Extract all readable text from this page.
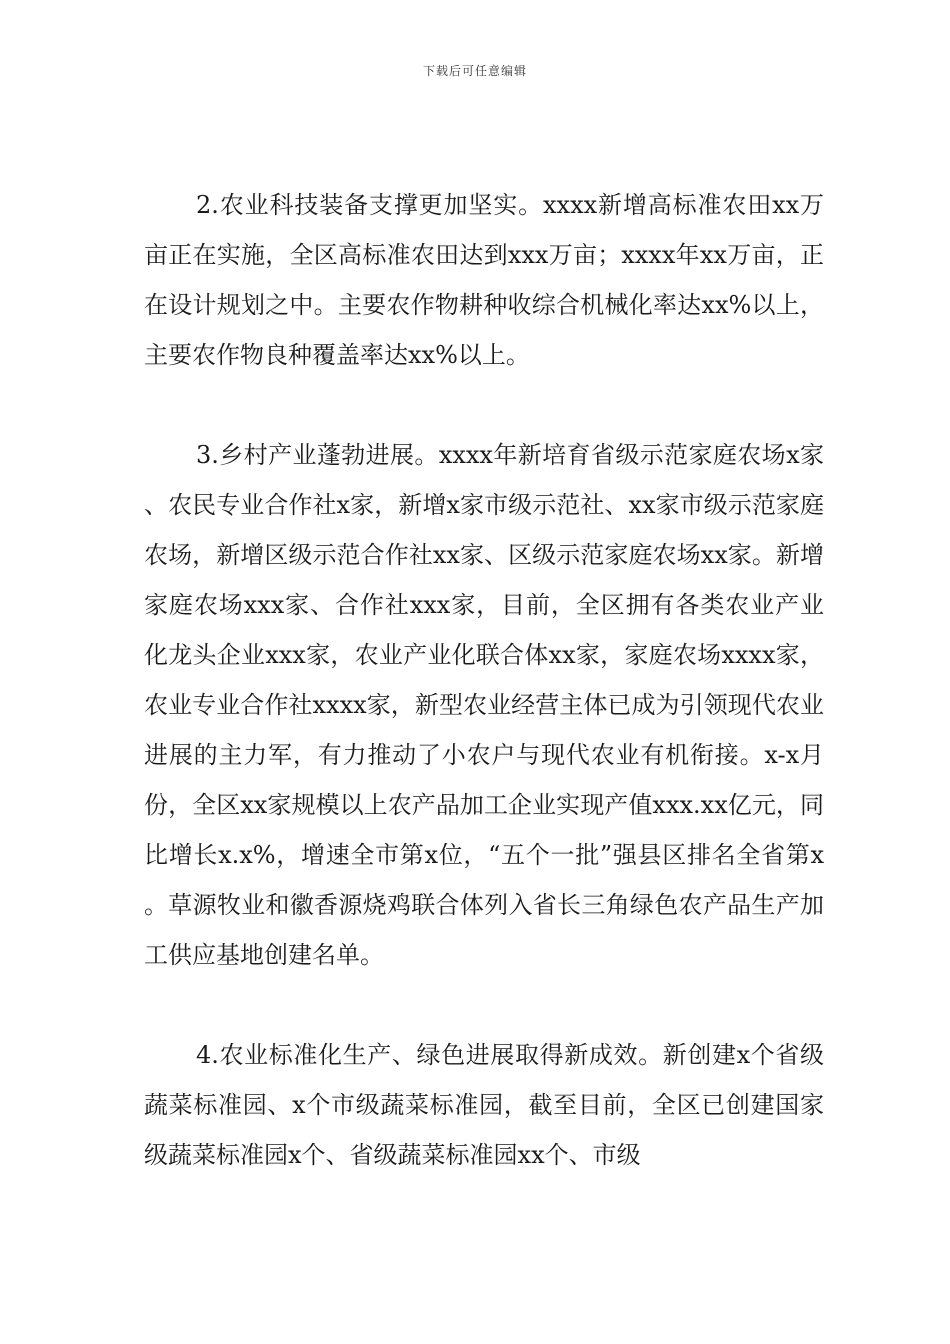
下载后可任意编辑

2.农业科技装备支撑更加坚实。xxxx新增高标准农田xx万亩正在实施，全区高标准农田达到xxx万亩；xxxx年xx万亩，正在设计规划之中。主要农作物耕种收综合机械化率达xx%以上，主要农作物良种覆盖率达xx%以上。

3.乡村产业蓬勃进展。xxxx年新培育省级示范家庭农场x家、农民专业合作社x家，新增x家市级示范社、xx家市级示范家庭农场，新增区级示范合作社xx家、区级示范家庭农场xx家。新增家庭农场xxx家、合作社xxx家，目前，全区拥有各类农业产业化龙头企业xxx家，农业产业化联合体xx家，家庭农场xxxx家，农业专业合作社xxxx家，新型农业经营主体已成为引领现代农业进展的主力军，有力推动了小农户与现代农业有机衔接。x-x月份，全区xx家规模以上农产品加工企业实现产值xxx.xx亿元，同比增长x.x%，增速全市第x位，“五个一批”强县区排名全省第x。草源牧业和徽香源烧鸡联合体列入省长三角绿色农产品生产加工供应基地创建名单。

4.农业标准化生产、绿色进展取得新成效。新创建x个省级蔬菜标准园、x个市级蔬菜标准园，截至目前，全区已创建国家级蔬菜标准园x个、省级蔬菜标准园xx个、市级
